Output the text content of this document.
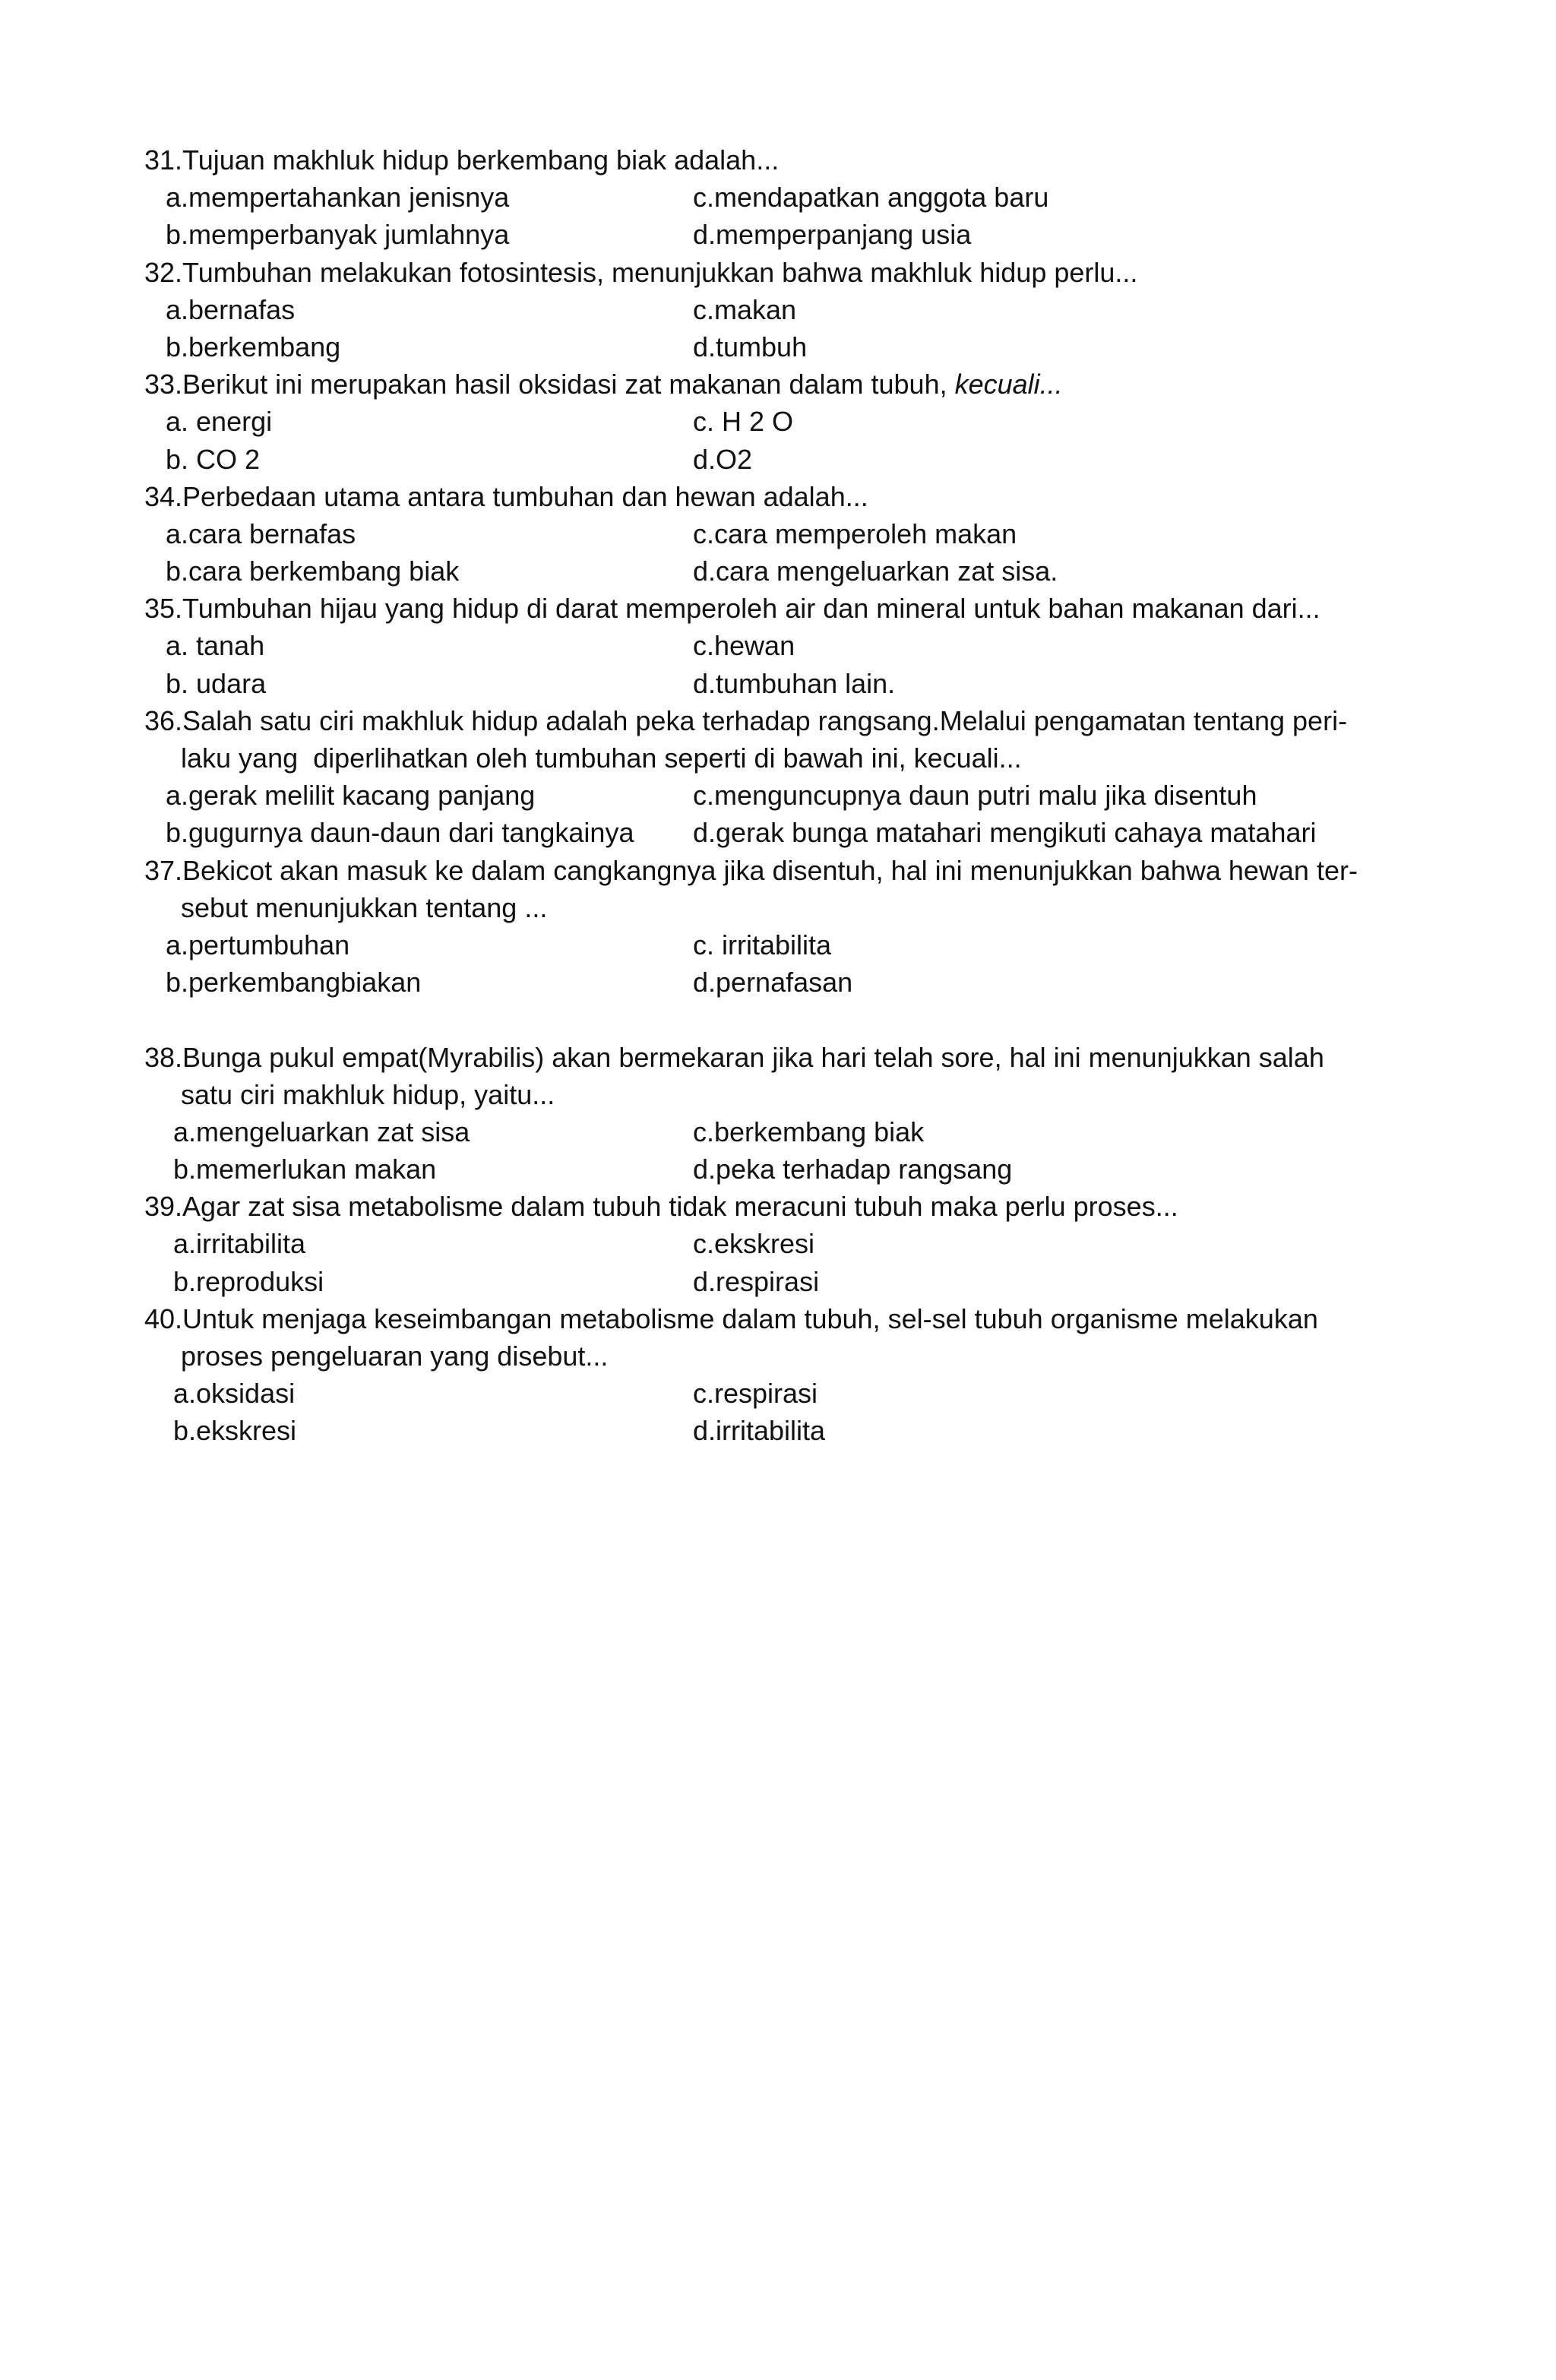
31.Tujuan makhluk hidup berkembang biak adalah...
a.mempertahankan jenisnya	c.mendapatkan anggota baru
b.memperbanyak jumlahnya	d.memperpanjang usia
32.Tumbuhan melakukan fotosintesis, menunjukkan bahwa makhluk hidup perlu...
a.bernafas	c.makan
b.berkembang	d.tumbuh
33.Berikut ini merupakan hasil oksidasi zat makanan dalam tubuh, kecuali...
a. energi	c. H 2 O
b. CO 2	d.O2
34.Perbedaan utama antara tumbuhan dan hewan adalah...
a.cara bernafas	c.cara memperoleh makan
b.cara berkembang biak	d.cara mengeluarkan zat sisa.
35.Tumbuhan hijau yang hidup di darat memperoleh air dan mineral untuk bahan makanan dari...
a. tanah	c.hewan
b. udara	d.tumbuhan lain.
36.Salah satu ciri makhluk hidup adalah peka terhadap rangsang.Melalui pengamatan tentang peri-
laku yang  diperlihatkan oleh tumbuhan seperti di bawah ini, kecuali...
a.gerak melilit kacang panjang	c.menguncupnya daun putri malu jika disentuh
b.gugurnya daun-daun dari tangkainya	d.gerak bunga matahari mengikuti cahaya matahari
37.Bekicot akan masuk ke dalam cangkangnya jika disentuh, hal ini menunjukkan bahwa hewan ter-
sebut menunjukkan tentang ...
a.pertumbuhan	c. irritabilita
b.perkembangbiakan	d.pernafasan
38.Bunga pukul empat(Myrabilis) akan bermekaran jika hari telah sore, hal ini menunjukkan salah
satu ciri makhluk hidup, yaitu...
a.mengeluarkan zat sisa	c.berkembang biak
b.memerlukan makan	d.peka terhadap rangsang
39.Agar zat sisa metabolisme dalam tubuh tidak meracuni tubuh maka perlu proses...
a.irritabilita	c.ekskresi
b.reproduksi	d.respirasi
40.Untuk menjaga keseimbangan metabolisme dalam tubuh, sel-sel tubuh organisme melakukan
proses pengeluaran yang disebut...
a.oksidasi	c.respirasi
b.ekskresi	d.irritabilita
